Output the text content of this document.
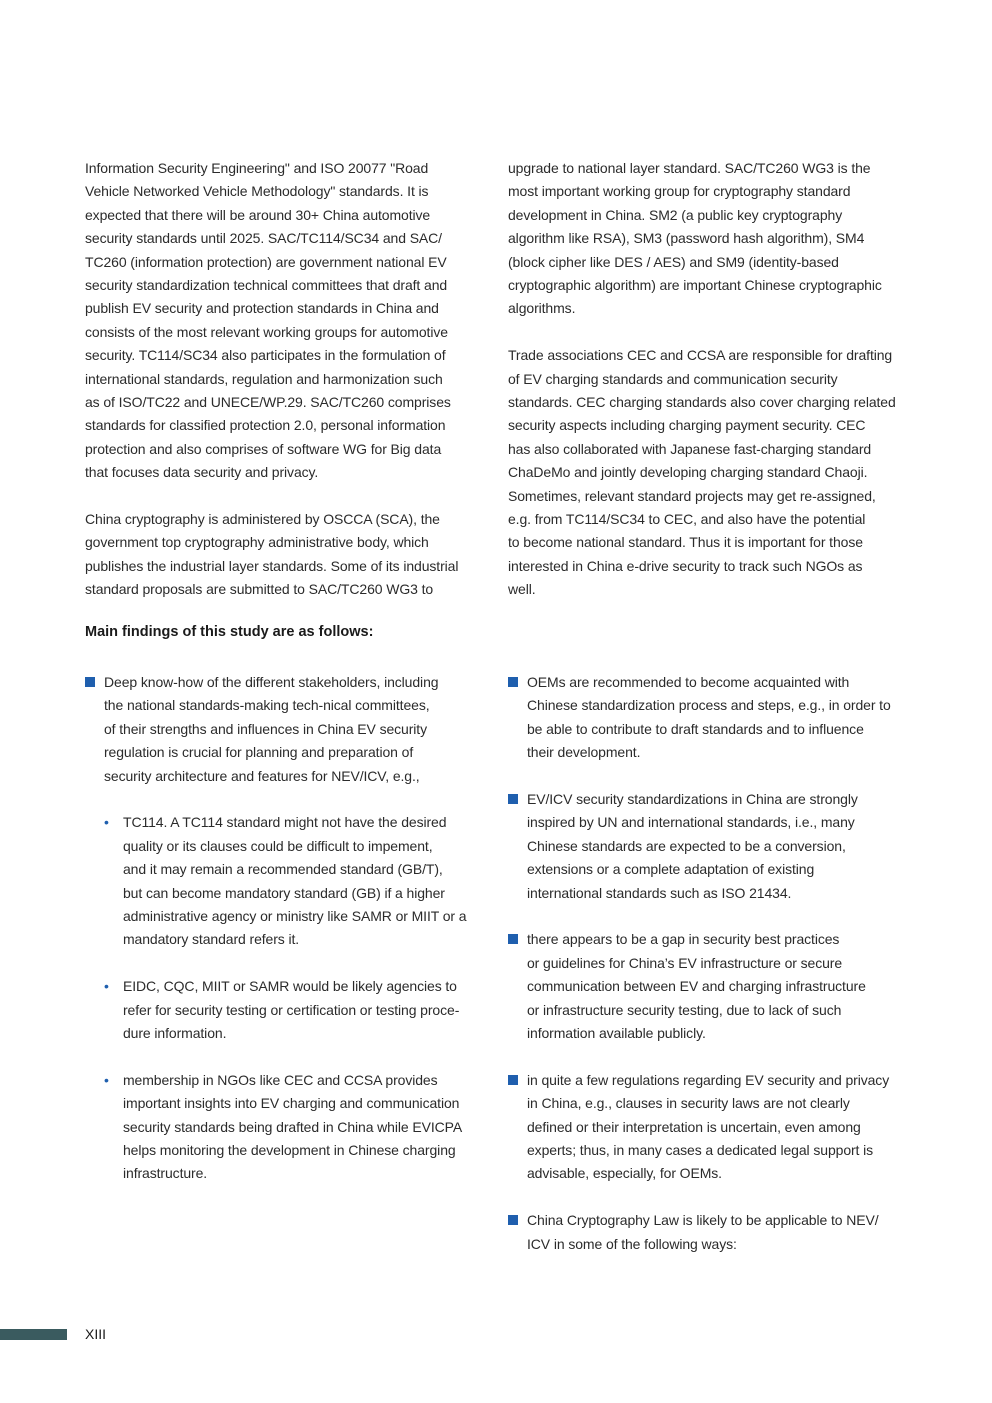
Information Security Engineering" and ISO 20077 "Road
Vehicle Networked Vehicle Methodology" standards. It is
expected that there will be around 30+ China automotive
security standards until 2025. SAC/TC114/SC34 and SAC/
TC260 (information protection) are government national EV
security standardization technical committees that draft and
publish EV security and protection standards in China and
consists of the most relevant working groups for automotive
security. TC114/SC34 also participates in the formulation of
international standards, regulation and harmonization such
as of ISO/TC22 and UNECE/WP.29. SAC/TC260 comprises
standards for classified protection 2.0, personal information
protection and also comprises of software WG for Big data
that focuses data security and privacy.

China cryptography is administered by OSCCA (SCA), the
government top cryptography administrative body, which
publishes the industrial layer standards. Some of its industrial
standard proposals are submitted to SAC/TC260 WG3 to

upgrade to national layer standard. SAC/TC260 WG3 is the
most important working group for cryptography standard
development in China. SM2 (a public key cryptography
algorithm like RSA), SM3 (password hash algorithm), SM4
(block cipher like DES / AES) and SM9 (identity-based
cryptographic algorithm) are important Chinese cryptographic
algorithms.

Trade associations CEC and CCSA are responsible for drafting
of EV charging standards and communication security
standards. CEC charging standards also cover charging related
security aspects including charging payment security. CEC
has also collaborated with Japanese fast-charging standard
ChaDeMo and jointly developing charging standard Chaoji.
Sometimes, relevant standard projects may get re-assigned,
e.g. from TC114/SC34 to CEC, and also have the potential
to become national standard. Thus it is important for those
interested in China e-drive security to track such NGOs as
well.

Main findings of this study are as follows:

Deep know-how of the different stakeholders, including
the national standards-making tech-nical committees,
of their strengths and influences in China EV security
regulation is crucial for planning and preparation of
security architecture and features for NEV/ICV, e.g.,

•	TC114. A TC114 standard might not have the desired
quality or its clauses could be difficult to impement,
and it may remain a recommended standard (GB/T),
but can become mandatory standard (GB) if a higher
administrative agency or ministry like SAMR or MIIT or a
mandatory standard refers it.

•	EIDC, CQC, MIIT or SAMR would be likely agencies to
refer for security testing or certification or testing proce-
dure information.

•	membership in NGOs like CEC and CCSA provides
important insights into EV charging and communication
security standards being drafted in China while EVICPA
helps monitoring the development in Chinese charging
infrastructure.

OEMs are recommended to become acquainted with
Chinese standardization process and steps, e.g., in order to
be able to contribute to draft standards and to influence
their development.

EV/ICV security standardizations in China are strongly
inspired by UN and international standards, i.e., many
Chinese standards are expected to be a conversion,
extensions or a complete adaptation of existing
international standards such as ISO 21434.

there appears to be a gap in security best practices
or guidelines for China’s EV infrastructure or secure
communication between EV and charging infrastructure
or infrastructure security testing, due to lack of such
information available publicly.

in quite a few regulations regarding EV security and privacy
in China, e.g., clauses in security laws are not clearly
defined or their interpretation is uncertain, even among
experts; thus, in many cases a dedicated legal support is
advisable, especially, for OEMs.

China Cryptography Law is likely to be applicable to NEV/
ICV in some of the following ways:

XIII
